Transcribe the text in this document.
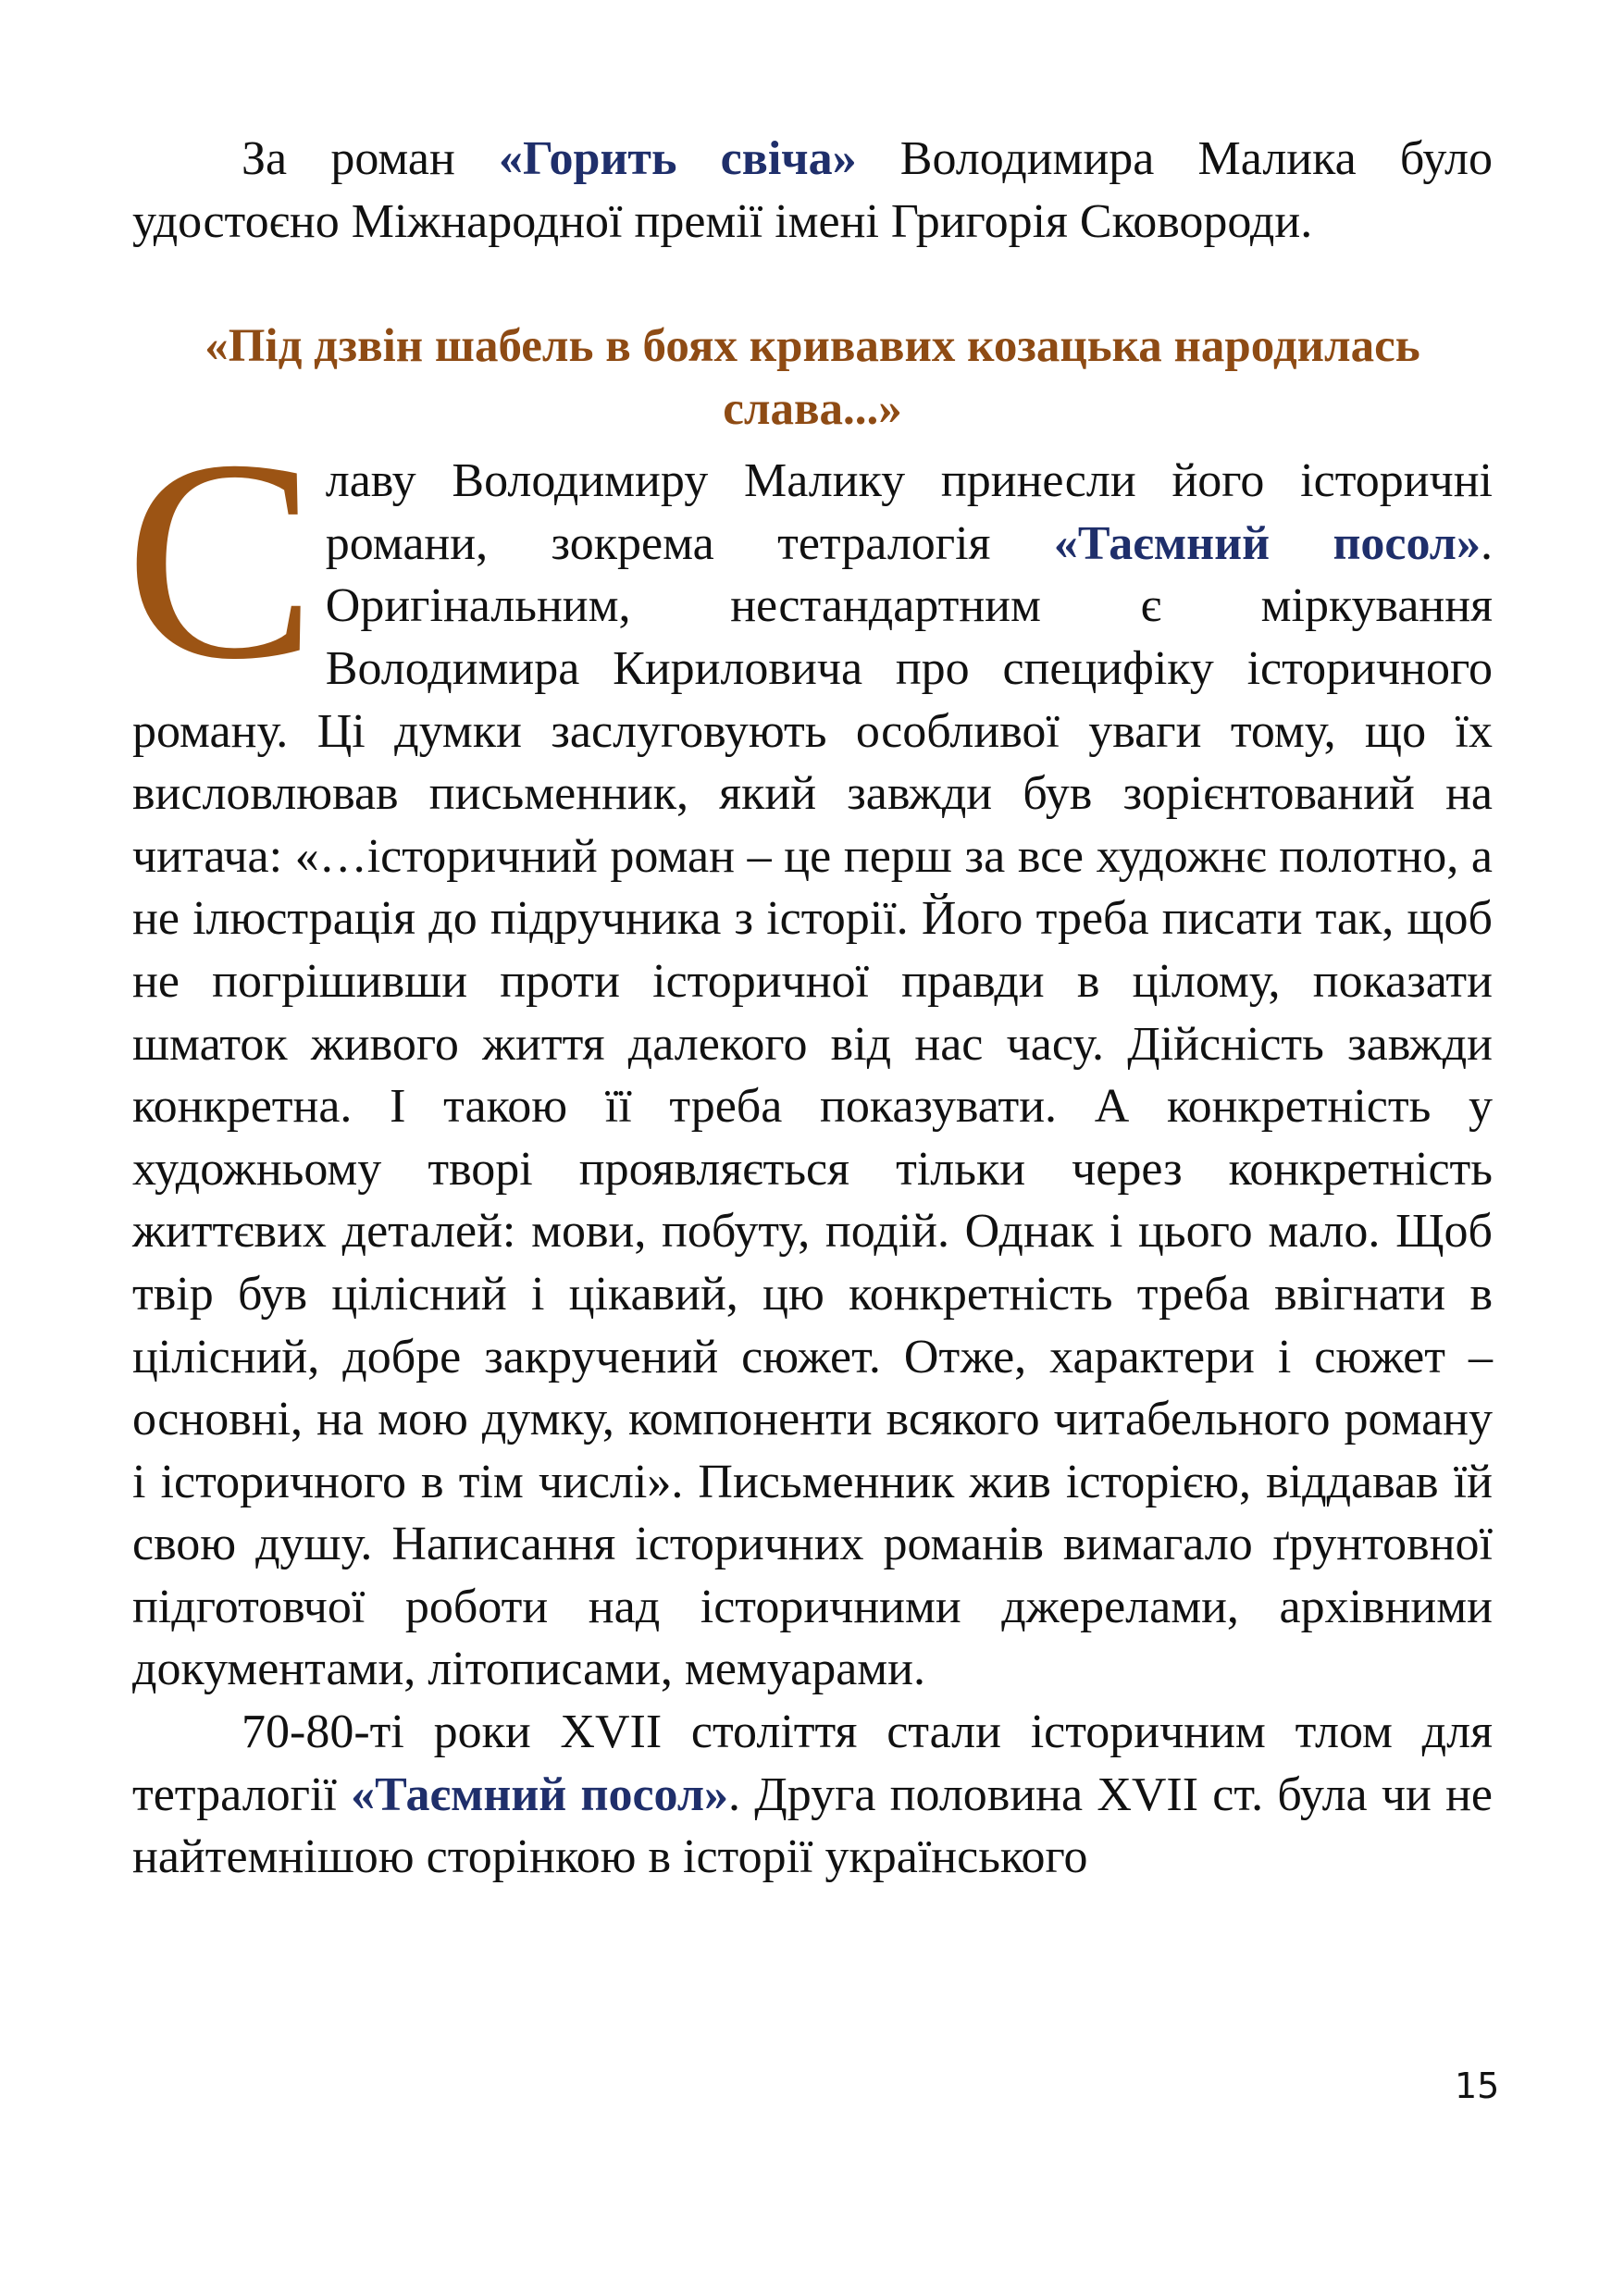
За роман «Горить свіча» Володимира Малика було удостоєно Міжнародної премії імені Григорія Сковороди.

«Під дзвін шабель в боях кривавих козацька народилась
слава...»

Славу Володимиру Малику принесли його історичні романи, зокрема тетралогія «Таємний посол». Оригінальним, нестандартним є міркування Володимира Кириловича про специфіку історичного роману. Ці думки заслуговують особливої уваги тому, що їх висловлював письменник, який завжди був зорієнтований на читача: «…історичний роман – це перш за все художнє полотно, а не ілюстрація до підручника з історії. Його треба писати так, щоб не погрішивши проти історичної правди в цілому, показати шматок живого життя далекого від нас часу. Дійсність завжди конкретна. І такою її треба показувати. А конкретність у художньому творі проявляється тільки через конкретність життєвих деталей: мови, побуту, подій. Однак і цього мало. Щоб твір був цілісний і цікавий, цю конкретність треба ввігнати в цілісний, добре закручений сюжет. Отже, характери і сюжет – основні, на мою думку, компоненти всякого читабельного роману і історичного в тім числі». Письменник жив історією, віддавав їй свою душу. Написання історичних романів вимагало ґрунтовної підготовчої роботи над історичними джерелами, архівними документами, літописами, мемуарами.

70-80-ті роки XVII століття стали історичним тлом для тетралогії «Таємний посол». Друга половина XVII ст. була чи не найтемнішою сторінкою в історії українського

15
